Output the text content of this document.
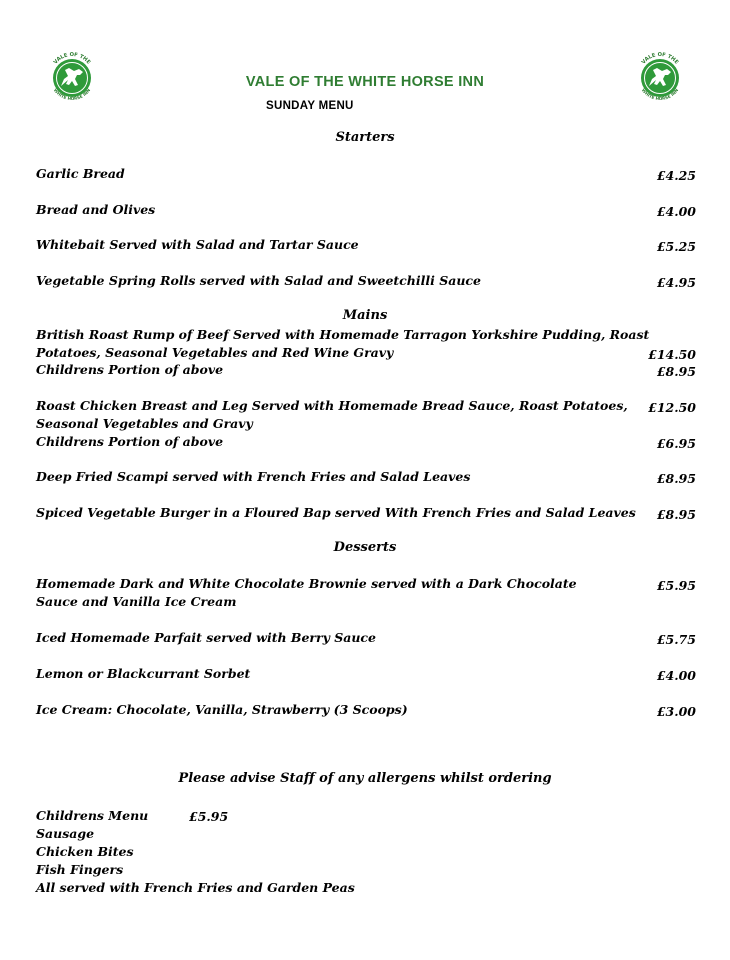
VALE OF THE
WHITE HORSE INN
VALE OF THE
WHITE HORSE INN
VALE OF THE WHITE HORSE INN
SUNDAY MENU
Starters
Garlic Bread	£4.25
Bread and Olives	£4.00
Whitebait Served with Salad and Tartar Sauce	£5.25
Vegetable Spring Rolls served with Salad and Sweetchilli Sauce	£4.95
Mains
British Roast Rump of Beef Served with Homemade Tarragon Yorkshire Pudding, Roast
Potatoes, Seasonal Vegetables and Red Wine Gravy	£14.50
Childrens Portion of above	£8.95
Roast Chicken Breast and Leg Served with Homemade Bread Sauce, Roast Potatoes,	£12.50
Seasonal Vegetables and Gravy
Childrens Portion of above	£6.95
Deep Fried Scampi served with French Fries and Salad Leaves	£8.95
Spiced Vegetable Burger in a Floured Bap served With French Fries and Salad Leaves	£8.95
Desserts
Homemade Dark and White Chocolate Brownie served with a Dark Chocolate	£5.95
Sauce and Vanilla Ice Cream
Iced Homemade Parfait served with Berry Sauce	£5.75
Lemon or Blackcurrant Sorbet	£4.00
Ice Cream: Chocolate, Vanilla, Strawberry (3 Scoops)	£3.00
Please advise Staff of any allergens whilst ordering
Childrens Menu	£5.95
Sausage
Chicken Bites
Fish Fingers
All served with French Fries and Garden Peas
